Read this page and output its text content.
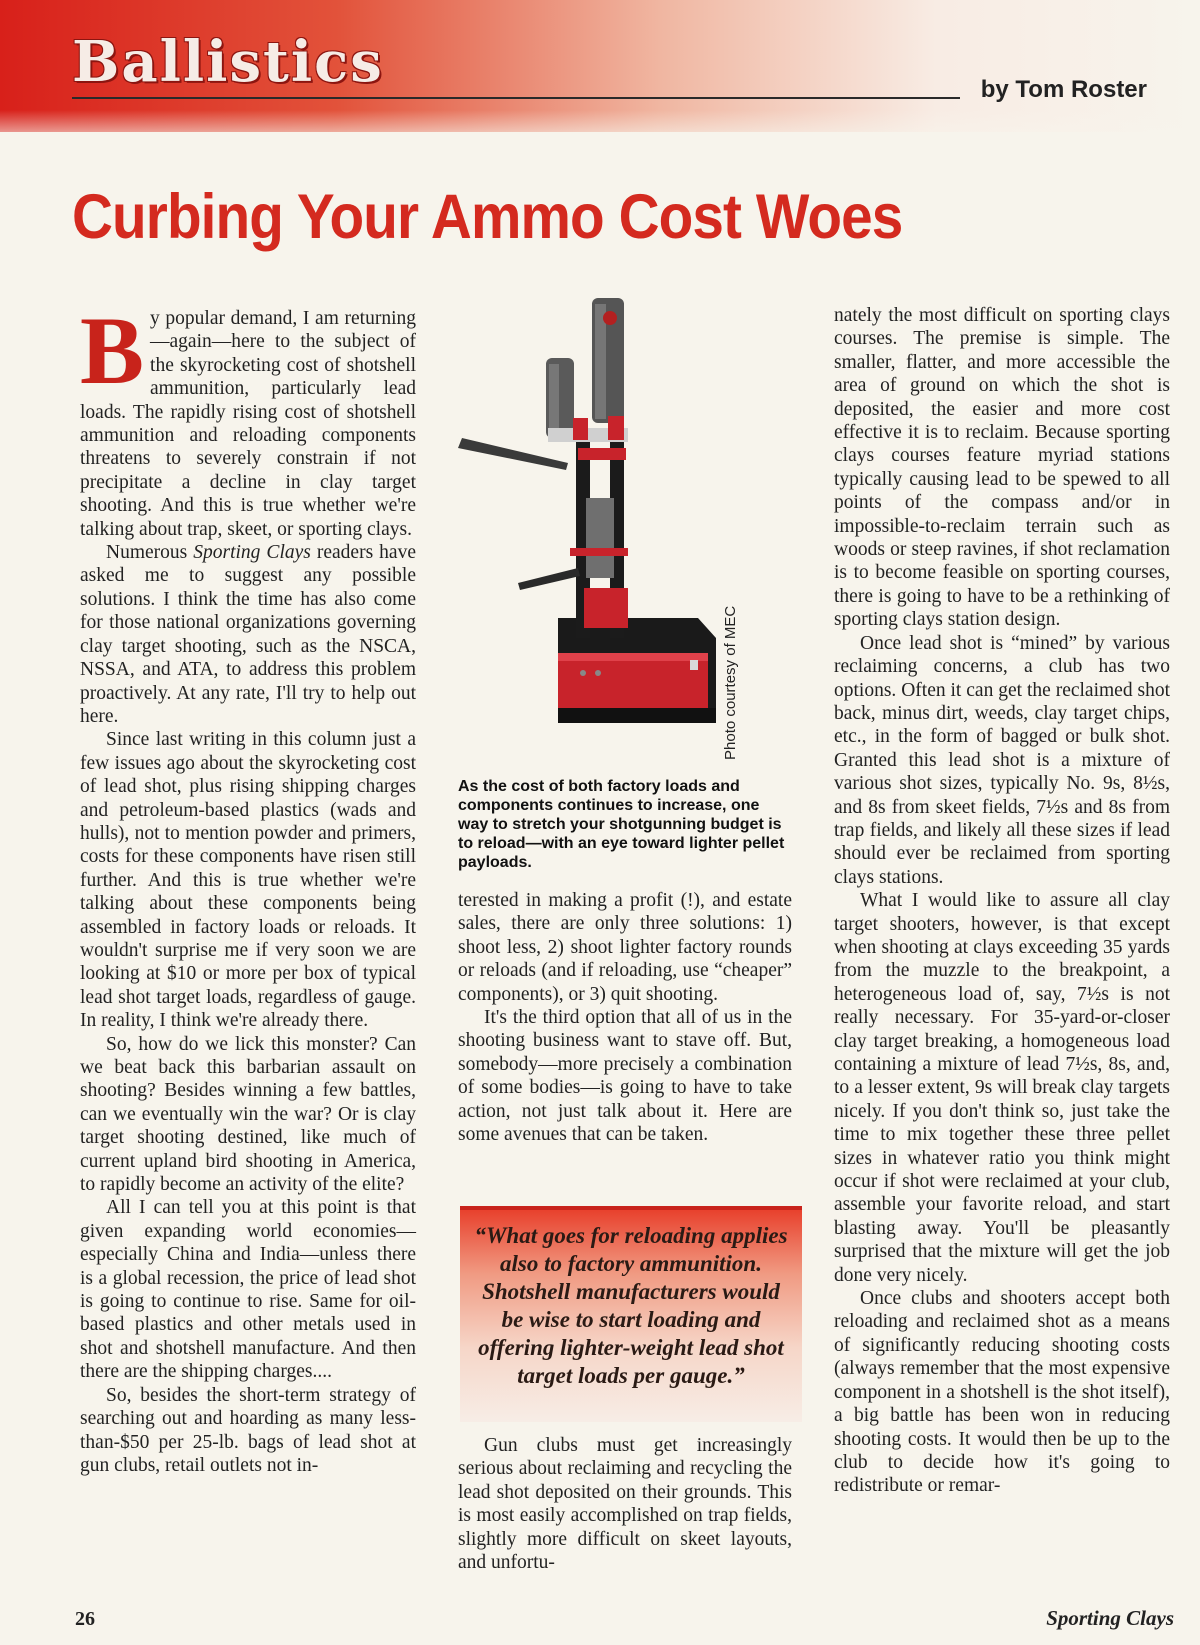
Ballistics	by Tom Roster
Curbing Your Ammo Cost Woes

By popular demand, I am returning—again—here to the subject of the skyrocketing cost of shotshell ammunition, particularly lead loads. The rapidly rising cost of shotshell ammunition and reloading components threatens to severely constrain if not precipitate a decline in clay target shooting. And this is true whether we're talking about trap, skeet, or sporting clays.

Numerous Sporting Clays readers have asked me to suggest any possible solutions. I think the time has also come for those national organizations governing clay target shooting, such as the NSCA, NSSA, and ATA, to address this problem proactively. At any rate, I'll try to help out here.

Since last writing in this column just a few issues ago about the skyrocketing cost of lead shot, plus rising shipping charges and petroleum-based plastics (wads and hulls), not to mention powder and primers, costs for these components have risen still further. And this is true whether we're talking about these components being assembled in factory loads or reloads. It wouldn't surprise me if very soon we are looking at $10 or more per box of typical lead shot target loads, regardless of gauge. In reality, I think we're already there.

So, how do we lick this monster? Can we beat back this barbarian assault on shooting? Besides winning a few battles, can we eventually win the war? Or is clay target shooting destined, like much of current upland bird shooting in America, to rapidly become an activity of the elite?

All I can tell you at this point is that given expanding world economies—especially China and India—unless there is a global recession, the price of lead shot is going to continue to rise. Same for oil-based plastics and other metals used in shot and shotshell manufacture. And then there are the shipping charges....

So, besides the short-term strategy of searching out and hoarding as many less-than-$50 per 25-lb. bags of lead shot at gun clubs, retail outlets not in-

Photo courtesy of MEC
As the cost of both factory loads and components continues to increase, one way to stretch your shotgunning budget is to reload—with an eye toward lighter pellet payloads.

terested in making a profit (!), and estate sales, there are only three solutions: 1) shoot less, 2) shoot lighter factory rounds or reloads (and if reloading, use “cheaper” components), or 3) quit shooting.

It's the third option that all of us in the shooting business want to stave off. But, somebody—more precisely a combination of some bodies—is going to have to take action, not just talk about it. Here are some avenues that can be taken.

“What goes for reloading applies also to factory ammunition. Shotshell manufacturers would be wise to start loading and offering lighter-weight lead shot target loads per gauge.”

Gun clubs must get increasingly serious about reclaiming and recycling the lead shot deposited on their grounds. This is most easily accomplished on trap fields, slightly more difficult on skeet layouts, and unfortu-

nately the most difficult on sporting clays courses. The premise is simple. The smaller, flatter, and more accessible the area of ground on which the shot is deposited, the easier and more cost effective it is to reclaim. Because sporting clays courses feature myriad stations typically causing lead to be spewed to all points of the compass and/or in impossible-to-reclaim terrain such as woods or steep ravines, if shot reclamation is to become feasible on sporting courses, there is going to have to be a rethinking of sporting clays station design.

Once lead shot is “mined” by various reclaiming concerns, a club has two options. Often it can get the reclaimed shot back, minus dirt, weeds, clay target chips, etc., in the form of bagged or bulk shot. Granted this lead shot is a mixture of various shot sizes, typically No. 9s, 8½s, and 8s from skeet fields, 7½s and 8s from trap fields, and likely all these sizes if lead should ever be reclaimed from sporting clays stations.

What I would like to assure all clay target shooters, however, is that except when shooting at clays exceeding 35 yards from the muzzle to the breakpoint, a heterogeneous load of, say, 7½s is not really necessary. For 35-yard-or-closer clay target breaking, a homogeneous load containing a mixture of lead 7½s, 8s, and, to a lesser extent, 9s will break clay targets nicely. If you don't think so, just take the time to mix together these three pellet sizes in whatever ratio you think might occur if shot were reclaimed at your club, assemble your favorite reload, and start blasting away. You'll be pleasantly surprised that the mixture will get the job done very nicely.

Once clubs and shooters accept both reloading and reclaimed shot as a means of significantly reducing shooting costs (always remember that the most expensive component in a shotshell is the shot itself), a big battle has been won in reducing shooting costs. It would then be up to the club to decide how it's going to redistribute or remar-

26	Sporting Clays
